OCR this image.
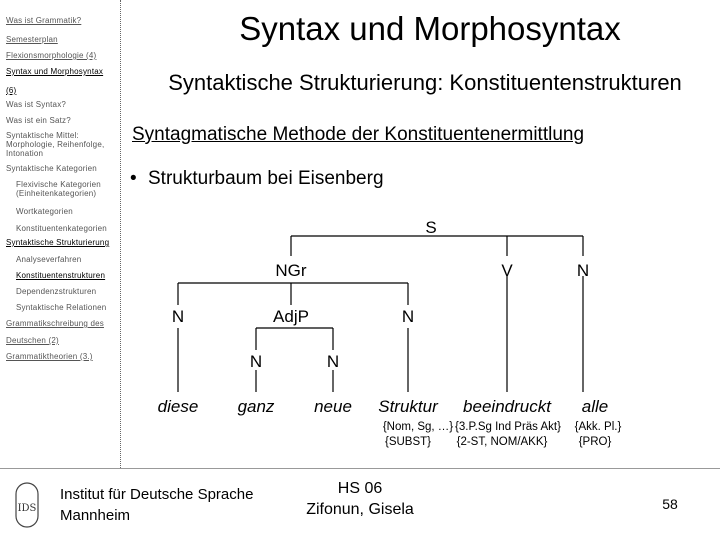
Was ist Grammatik?
Semesterplan
Flexionsmorphologie (4)
Syntax und Morphosyntax
(6)
Was ist Syntax?
Was ist ein Satz?
Syntaktische Mittel:
Morphologie, Reihenfolge,
Intonation
Syntaktische Kategorien
Flexivische Kategorien
(Einheitenkategorien)
Wortkategorien
Konstituentenkategorien
Syntaktische Strukturierung
Analyseverfahren
Konstituentenstrukturen
Dependenzstrukturen
Syntaktische Relationen
Grammatikschreibung des
Deutschen (2)
Grammatiktheorien (3.)
Syntax und Morphosyntax
Syntaktische Strukturierung: Konstituentenstrukturen
Syntagmatische Methode der Konstituentenermittlung
• Strukturbaum bei Eisenberg
S
NGr	V	N
N	AdjP	N
N	N
diese ganz neue Struktur beeindruckt alle
{Nom, Sg, …}
{SUBST}
{3.P.Sg Ind Präs Akt}
{2-ST, NOM/AKK}
{Akk. Pl.}
{PRO}
IDS
Institut für Deutsche Sprache
Mannheim
HS 06
Zifonun, Gisela	58
